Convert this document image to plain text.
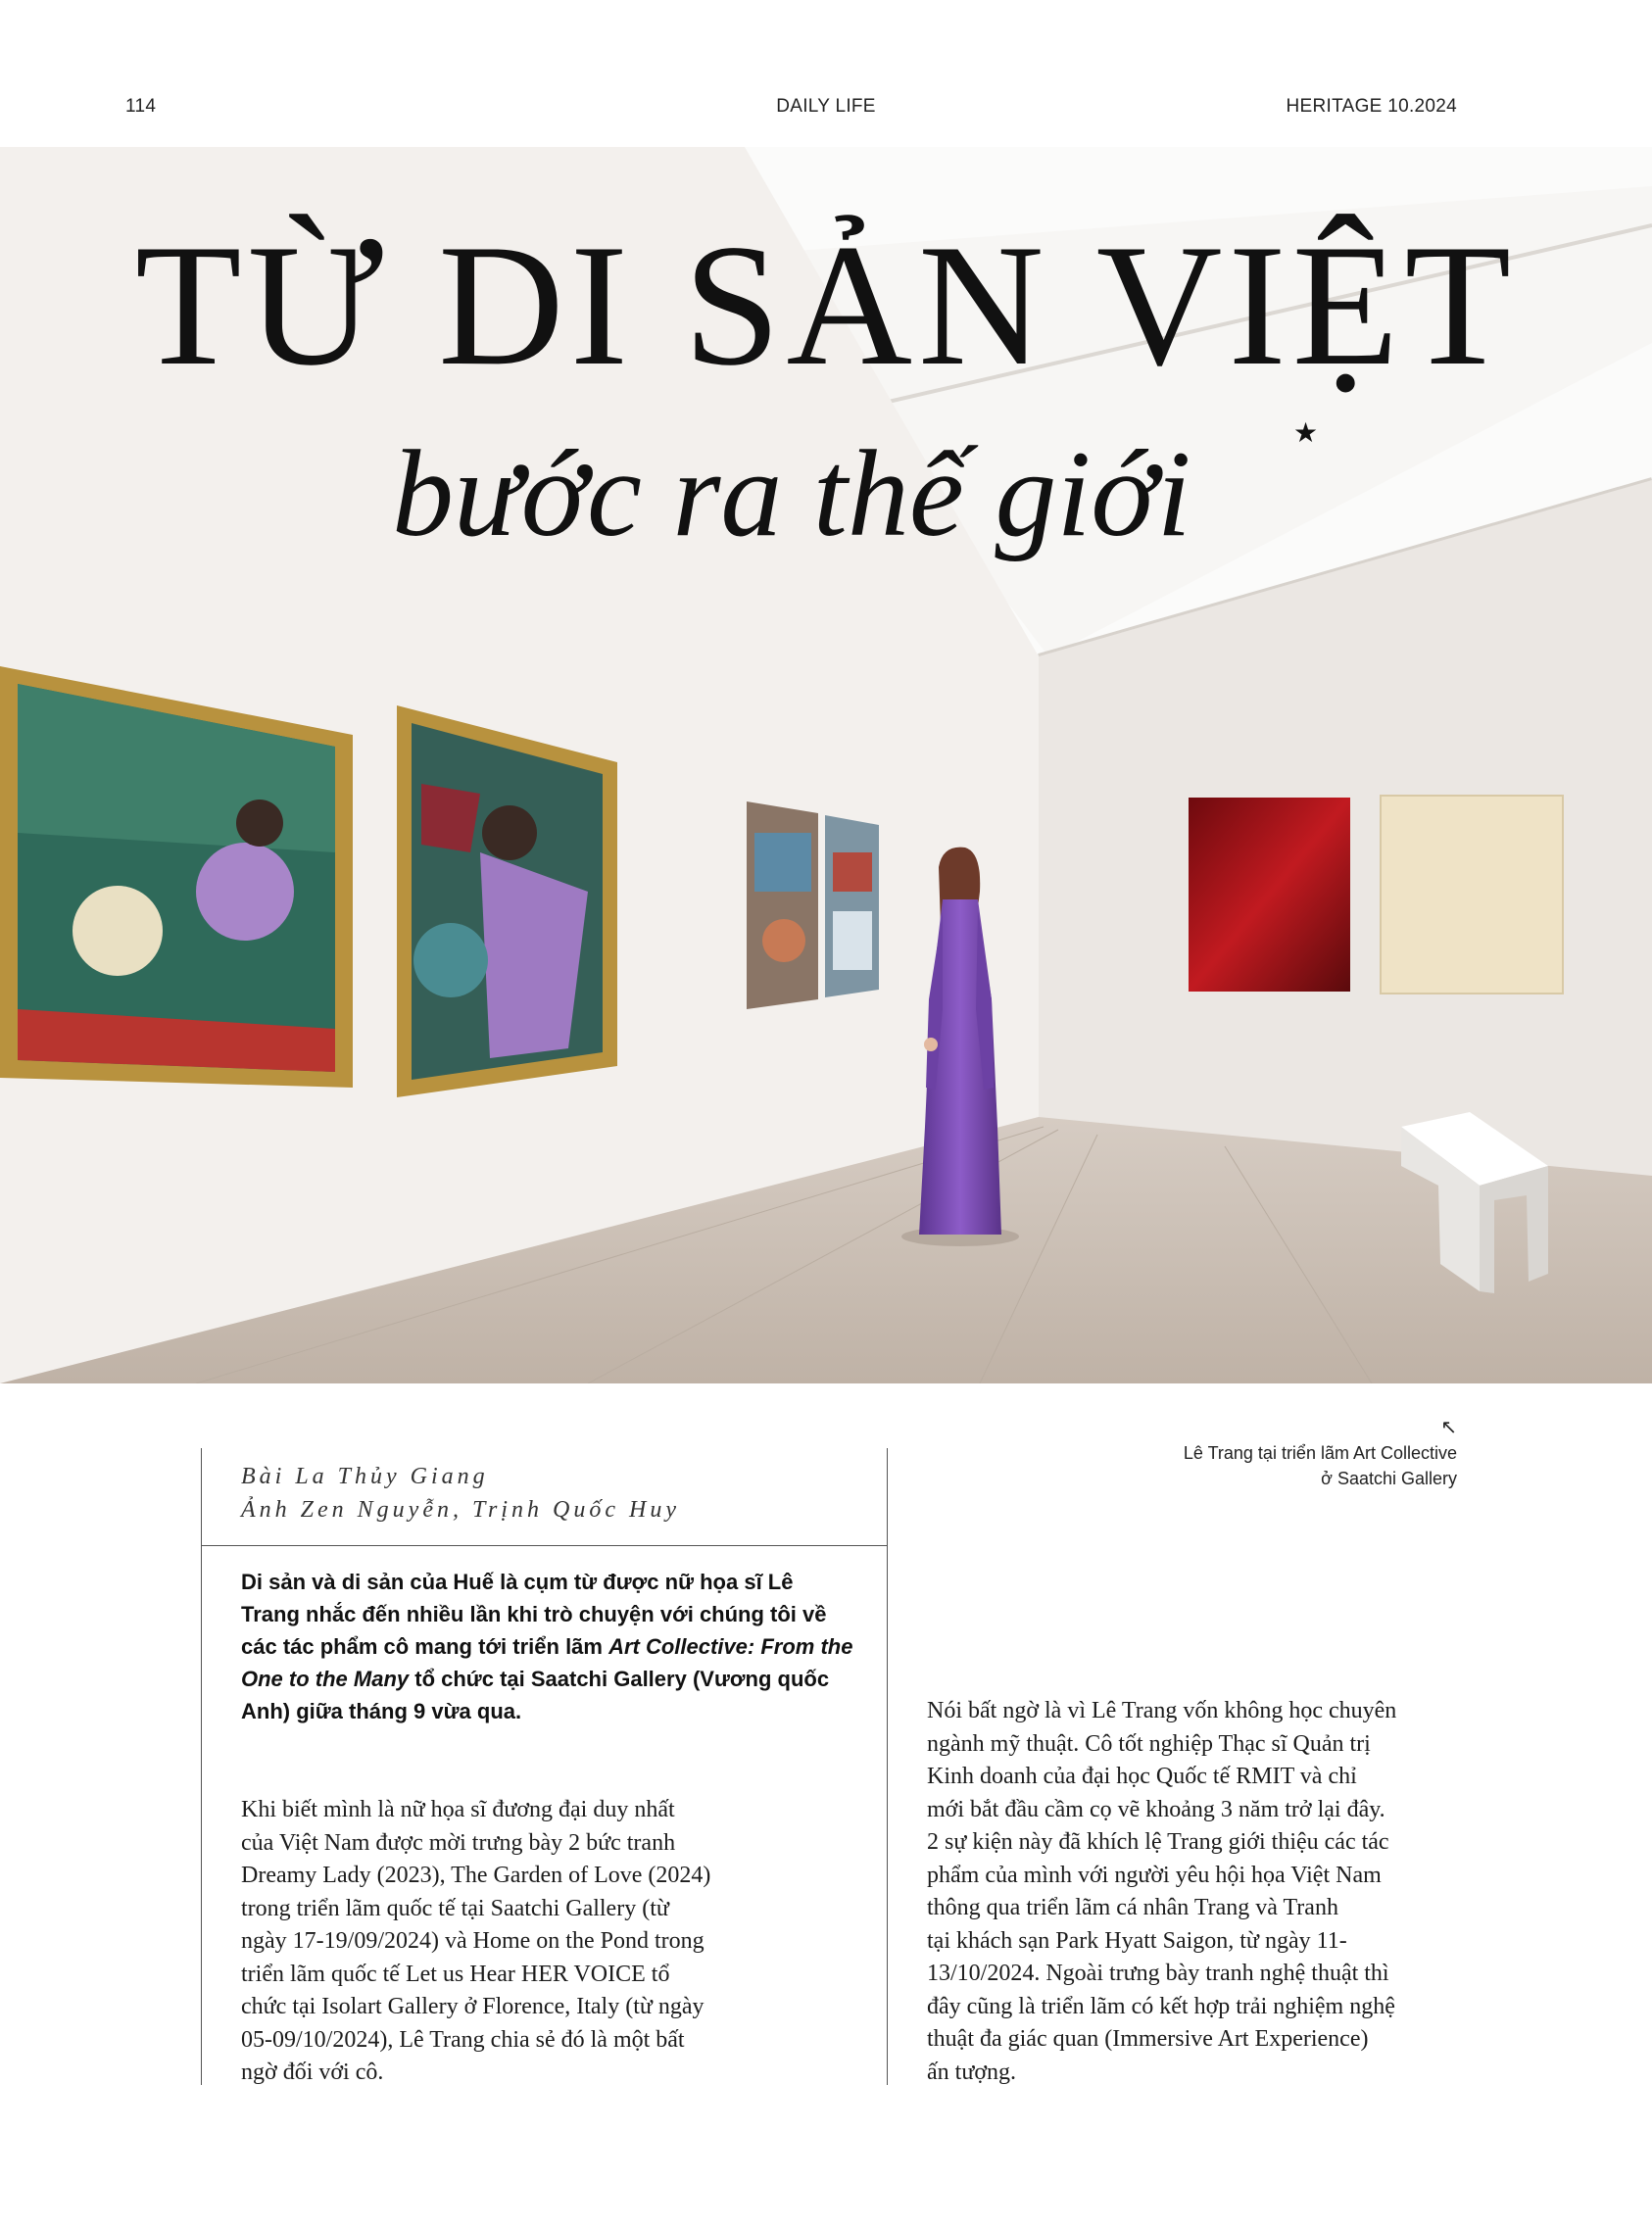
114	DAILY LIFE	HERITAGE 10.2024
TỪ DI SẢN VIỆT
★
bước ra thế giới
↖

Lê Trang tại triển lãm Art Collective

ở Saatchi Gallery

Bài La Thủy Giang
Ảnh Zen Nguyễn, Trịnh Quốc Huy
Di sản và di sản của Huế là cụm từ được nữ họa sĩ Lê Trang nhắc đến nhiều lần khi trò chuyện với chúng tôi về các tác phẩm cô mang tới triển lãm Art Collective: From the One to the Many tổ chức tại Saatchi Gallery (Vương quốc Anh) giữa tháng 9 vừa qua.
Khi biết mình là nữ họa sĩ đương đại duy nhất
của Việt Nam được mời trưng bày 2 bức tranh
Dreamy Lady (2023), The Garden of Love (2024)
trong triển lãm quốc tế tại Saatchi Gallery (từ
ngày 17-19/09/2024) và Home on the Pond trong
triển lãm quốc tế Let us Hear HER VOICE tổ
chức tại Isolart Gallery ở Florence, Italy (từ ngày
05-09/10/2024), Lê Trang chia sẻ đó là một bất
ngờ đối với cô.
Nói bất ngờ là vì Lê Trang vốn không học chuyên
ngành mỹ thuật. Cô tốt nghiệp Thạc sĩ Quản trị
Kinh doanh của đại học Quốc tế RMIT và chỉ
mới bắt đầu cầm cọ vẽ khoảng 3 năm trở lại đây.
2 sự kiện này đã khích lệ Trang giới thiệu các tác
phẩm của mình với người yêu hội họa Việt Nam
thông qua triển lãm cá nhân Trang và Tranh
tại khách sạn Park Hyatt Saigon, từ ngày 11-
13/10/2024. Ngoài trưng bày tranh nghệ thuật thì
đây cũng là triển lãm có kết hợp trải nghiệm nghệ
thuật đa giác quan (Immersive Art Experience)
ấn tượng.
